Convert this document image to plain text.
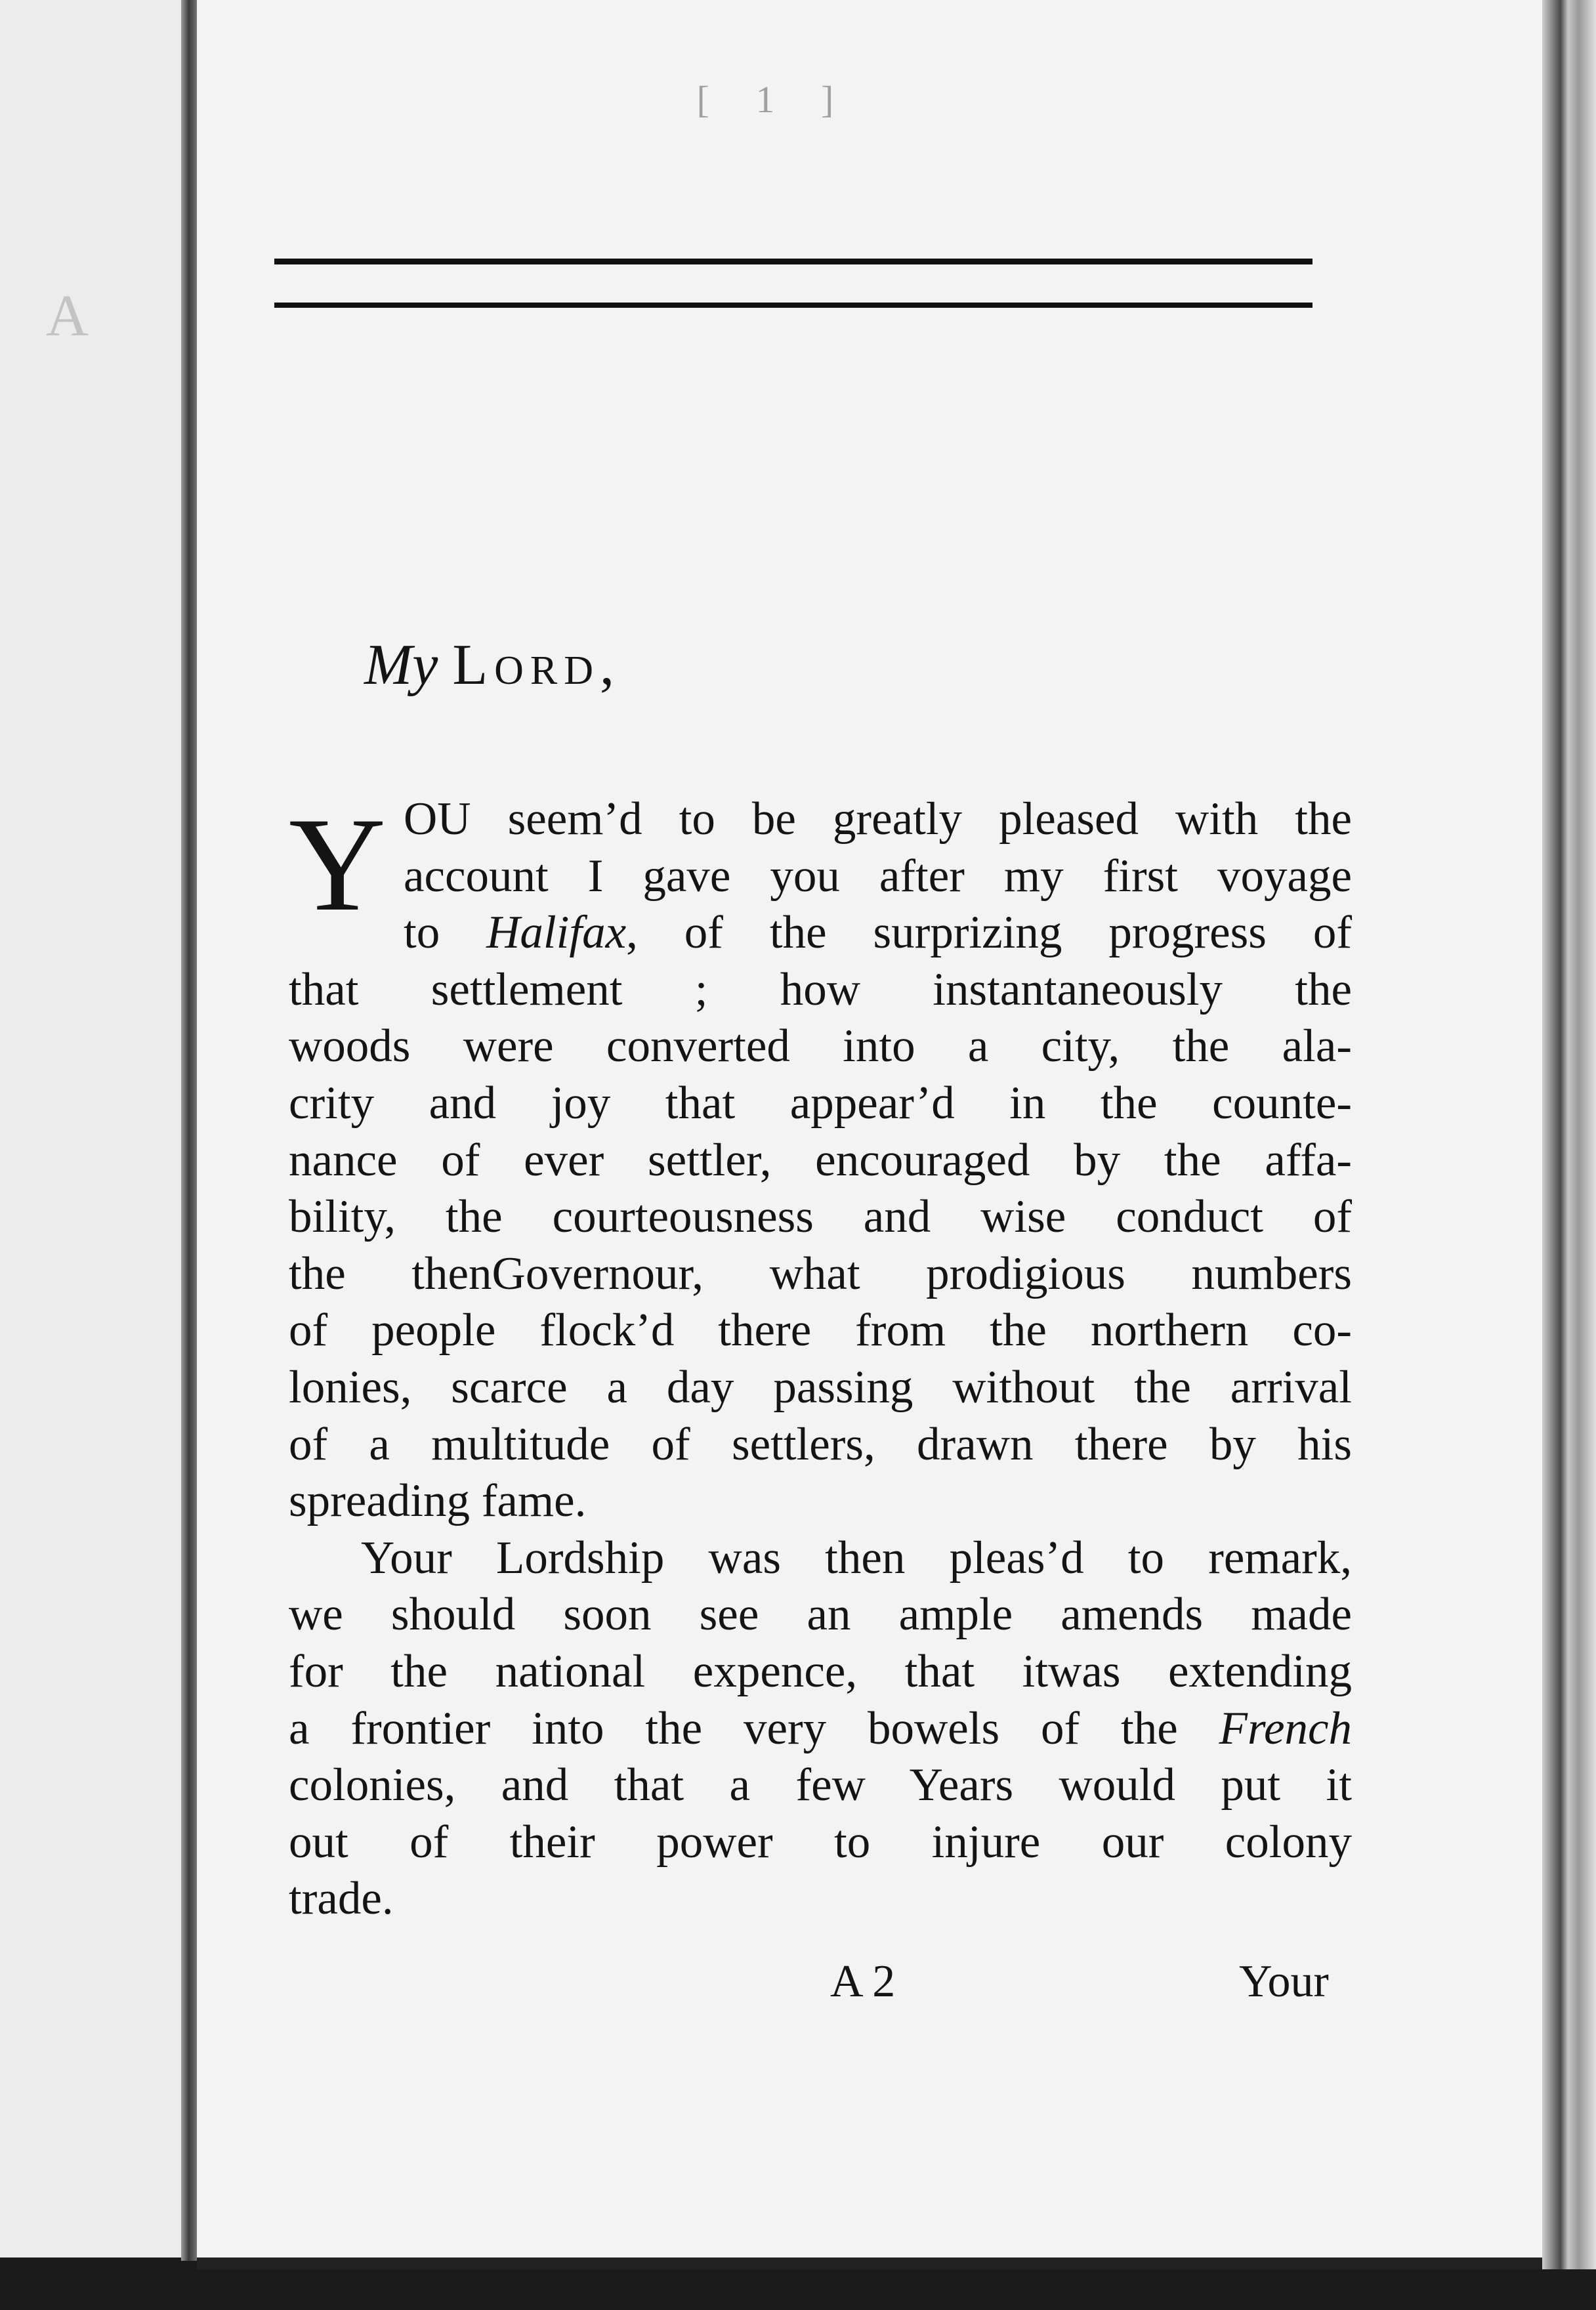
A
[ 1 ]
My Lord,
Y OU seem’d to be greatly pleased with the
account I gave you after my first voyage
to Halifax, of the surprizing progress of
that settlement ; how instantaneously the
woods were converted into a city, the ala-
crity and joy that appear’d in the counte-
nance of ever settler, encouraged by the affa-
bility, the courteousness and wise conduct of
the thenGovernour, what prodigious numbers
of people flock’d there from the northern co-
lonies, scarce a day passing without the arrival
of a multitude of settlers, drawn there by his
spreading fame.
Your Lordship was then pleas’d to remark,
we should soon see an ample amends made
for the national expence, that itwas extending
a frontier into the very bowels of the French
colonies, and that a few Years would put it
out of their power to injure our colony
trade.
A 2	Your
